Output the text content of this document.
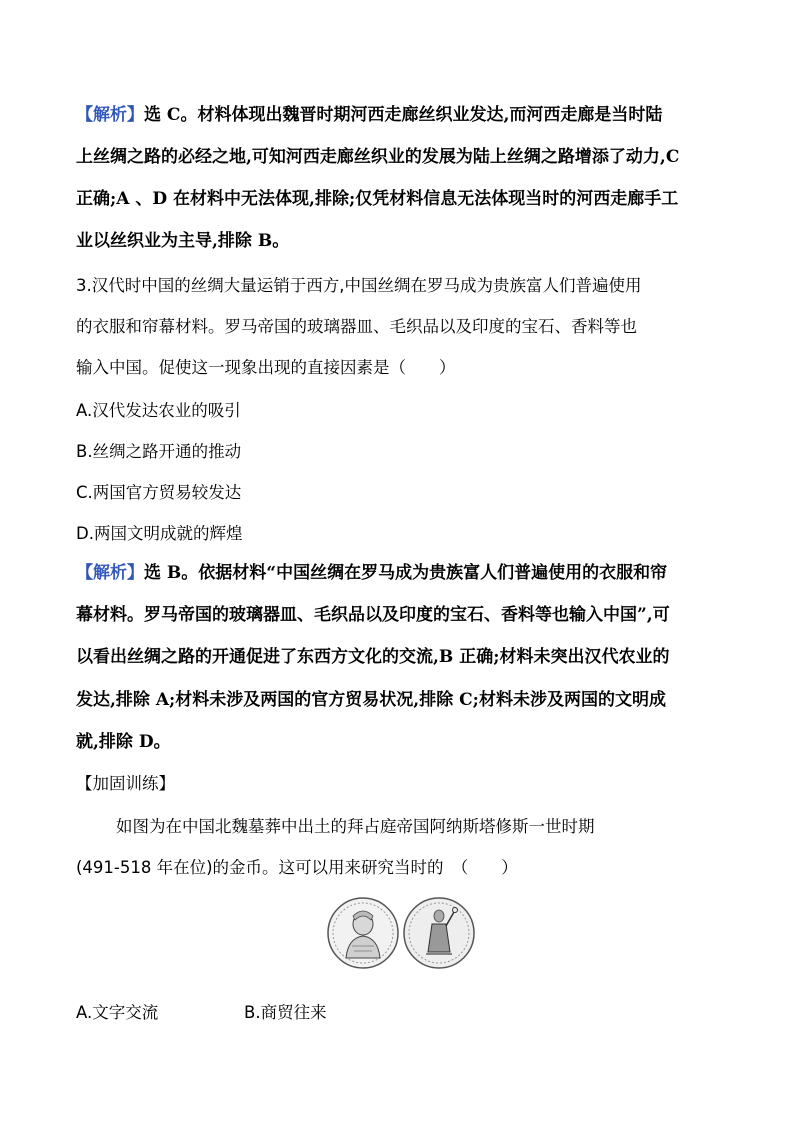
【解析】选 C。材料体现出魏晋时期河西走廊丝织业发达,而河西走廊是当时陆
上丝绸之路的必经之地,可知河西走廊丝织业的发展为陆上丝绸之路增添了动力,C
正确;A 、D 在材料中无法体现,排除;仅凭材料信息无法体现当时的河西走廊手工
业以丝织业为主导,排除 B。
3.汉代时中国的丝绸大量运销于西方,中国丝绸在罗马成为贵族富人们普遍使用
的衣服和帘幕材料。罗马帝国的玻璃器皿、毛织品以及印度的宝石、香料等也
输入中国。促使这一现象出现的直接因素是（　　）
A.汉代发达农业的吸引
B.丝绸之路开通的推动
C.两国官方贸易较发达
D.两国文明成就的辉煌
【解析】选 B。依据材料“中国丝绸在罗马成为贵族富人们普遍使用的衣服和帘
幕材料。罗马帝国的玻璃器皿、毛织品以及印度的宝石、香料等也输入中国”,可
以看出丝绸之路的开通促进了东西方文化的交流,B 正确;材料未突出汉代农业的
发达,排除 A;材料未涉及两国的官方贸易状况,排除 C;材料未涉及两国的文明成
就,排除 D。
【加固训练】
如图为在中国北魏墓葬中出土的拜占庭帝国阿纳斯塔修斯一世时期
(491-518 年在位)的金币。这可以用来研究当时的　（　　）
A.文字交流	B.商贸往来
